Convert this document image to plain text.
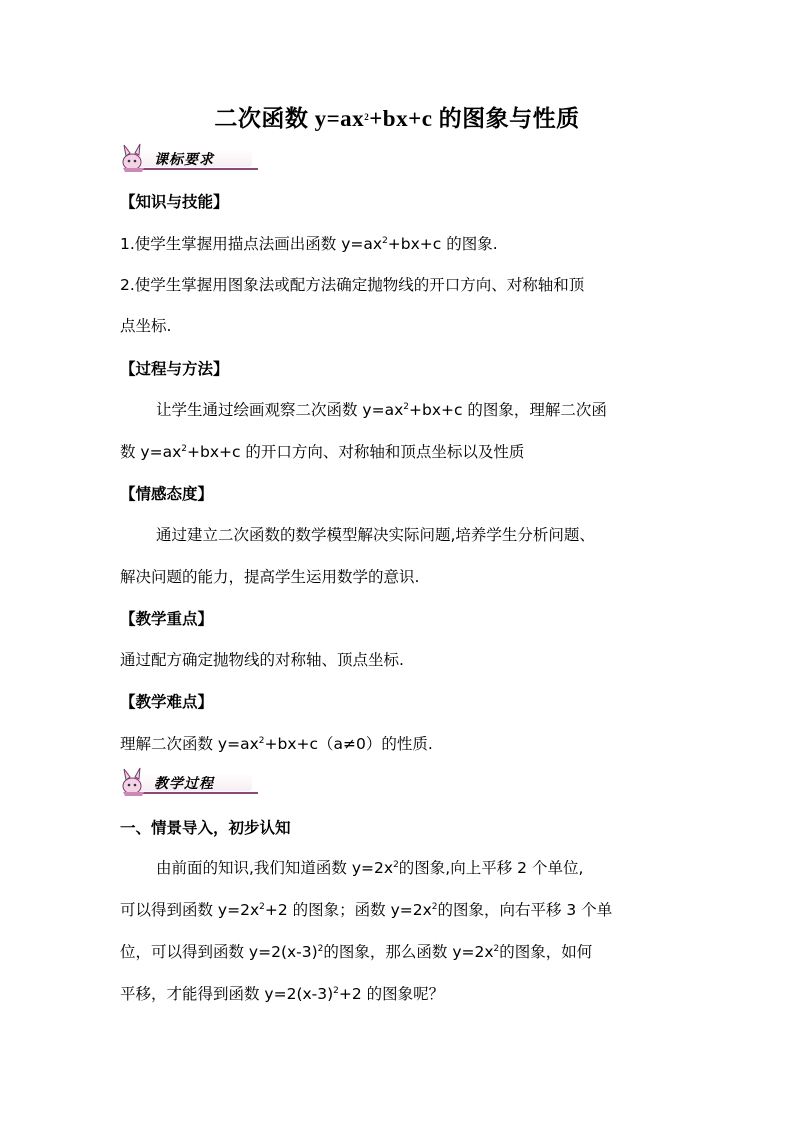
二次函数 $y=ax^2+bx+c$ 的图象与性质
课标要求
【知识与技能】
1.使学生掌握用描点法画出函数 $y=ax^2+bx+c$ 的图象.
2.使学生掌握用图象法或配方法确定抛物线的开口方向、对称轴和顶
点坐标.
【过程与方法】
让学生通过绘画观察二次函数 $y=ax^2+bx+c$ 的图象，理解二次函
数 $y=ax^2+bx+c$ 的开口方向、对称轴和顶点坐标以及性质
【情感态度】
通过建立二次函数的数学模型解决实际问题,培养学生分析问题、
解决问题的能力，提高学生运用数学的意识.
【教学重点】
通过配方确定抛物线的对称轴、顶点坐标.
【教学难点】
理解二次函数 $y=ax^2+bx+c(a\ne 0)$的性质.
教学过程
一、情景导入，初步认知
由前面的知识,我们知道函数 $y=2x^2$的图象,向上平移 2 个单位,
可以得到函数 $y=2x^2+2$ 的图象；函数 $y=2x^2$的图象，向右平移 3 个单
位，可以得到函数 $y=2(x-3)^2$的图象，那么函数 $y=2x^2$的图象，如何
平移，才能得到函数 $y=2(x-3)^2+2$ 的图象呢？
